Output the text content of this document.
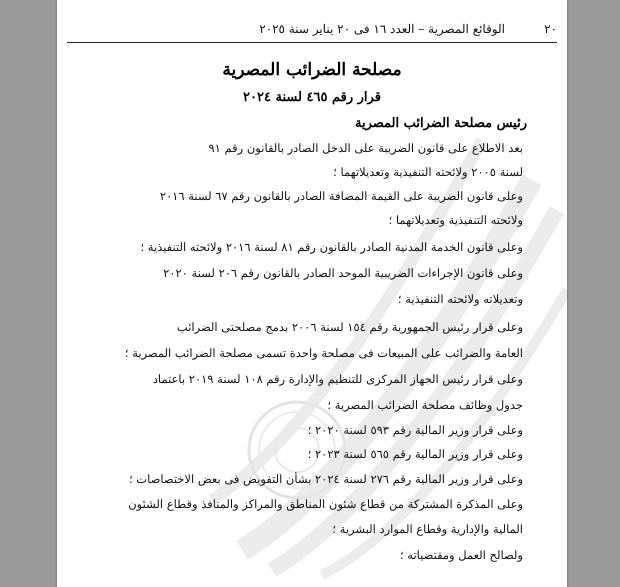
٢٠
الوقائع المصرية – العدد ١٦ فى ٢٠ يناير سنة ٢٠٢٥
مصلحة الضرائب المصرية
قرار رقم ٤٦٥ لسنة ٢٠٢٤
رئيس مصلحة الضرائب المصرية
بعد الاطلاع على قانون الضريبة على الدخل الصادر بالقانون رقم ٩١
لسنة ٢٠٠٥ ولائحته التنفيذية وتعديلاتهما ؛
وعلى قانون الضريبة على القيمة المضافة الصادر بالقانون رقم ٦٧ لسنة ٢٠١٦
ولائحته التنفيذية وتعديلاتهما ؛
وعلى قانون الخدمة المدنية الصادر بالقانون رقم ٨١ لسنة ٢٠١٦ ولائحته التنفيذية ؛
وعلى قانون الإجراءات الضريبية الموحد الصادر بالقانون رقم ٢٠٦ لسنة ٢٠٢٠
وتعديلاته ولائحته التنفيذية ؛
وعلى قرار رئيس الجمهورية رقم ١٥٤ لسنة ٢٠٠٦ بدمج مصلحتى الضرائب
العامة والضرائب على المبيعات فى مصلحة واحدة تسمى مصلحة الضرائب المصرية ؛
وعلى قرار رئيس الجهاز المركزى للتنظيم والإدارة رقم ١٠٨ لسنة ٢٠١٩ باعتماد
جدول وظائف مصلحة الضرائب المصرية ؛
وعلى قرار وزير المالية رقم ٥٩٣ لسنة ٢٠٢٠ ؛
وعلى قرار وزير المالية رقم ٥٦٥ لسنة ٢٠٢٣ ؛
وعلى قرار وزير المالية رقم ٢٧٦ لسنة ٢٠٢٤ بشأن التفويض فى بعض الاختصاصات ؛
وعلى المذكرة المشتركة من قطاع شئون المناطق والمراكز والمنافذ وقطاع الشئون
المالية والإدارية وقطاع الموارد البشرية ؛
ولصالح العمل ومقتضياته ؛
